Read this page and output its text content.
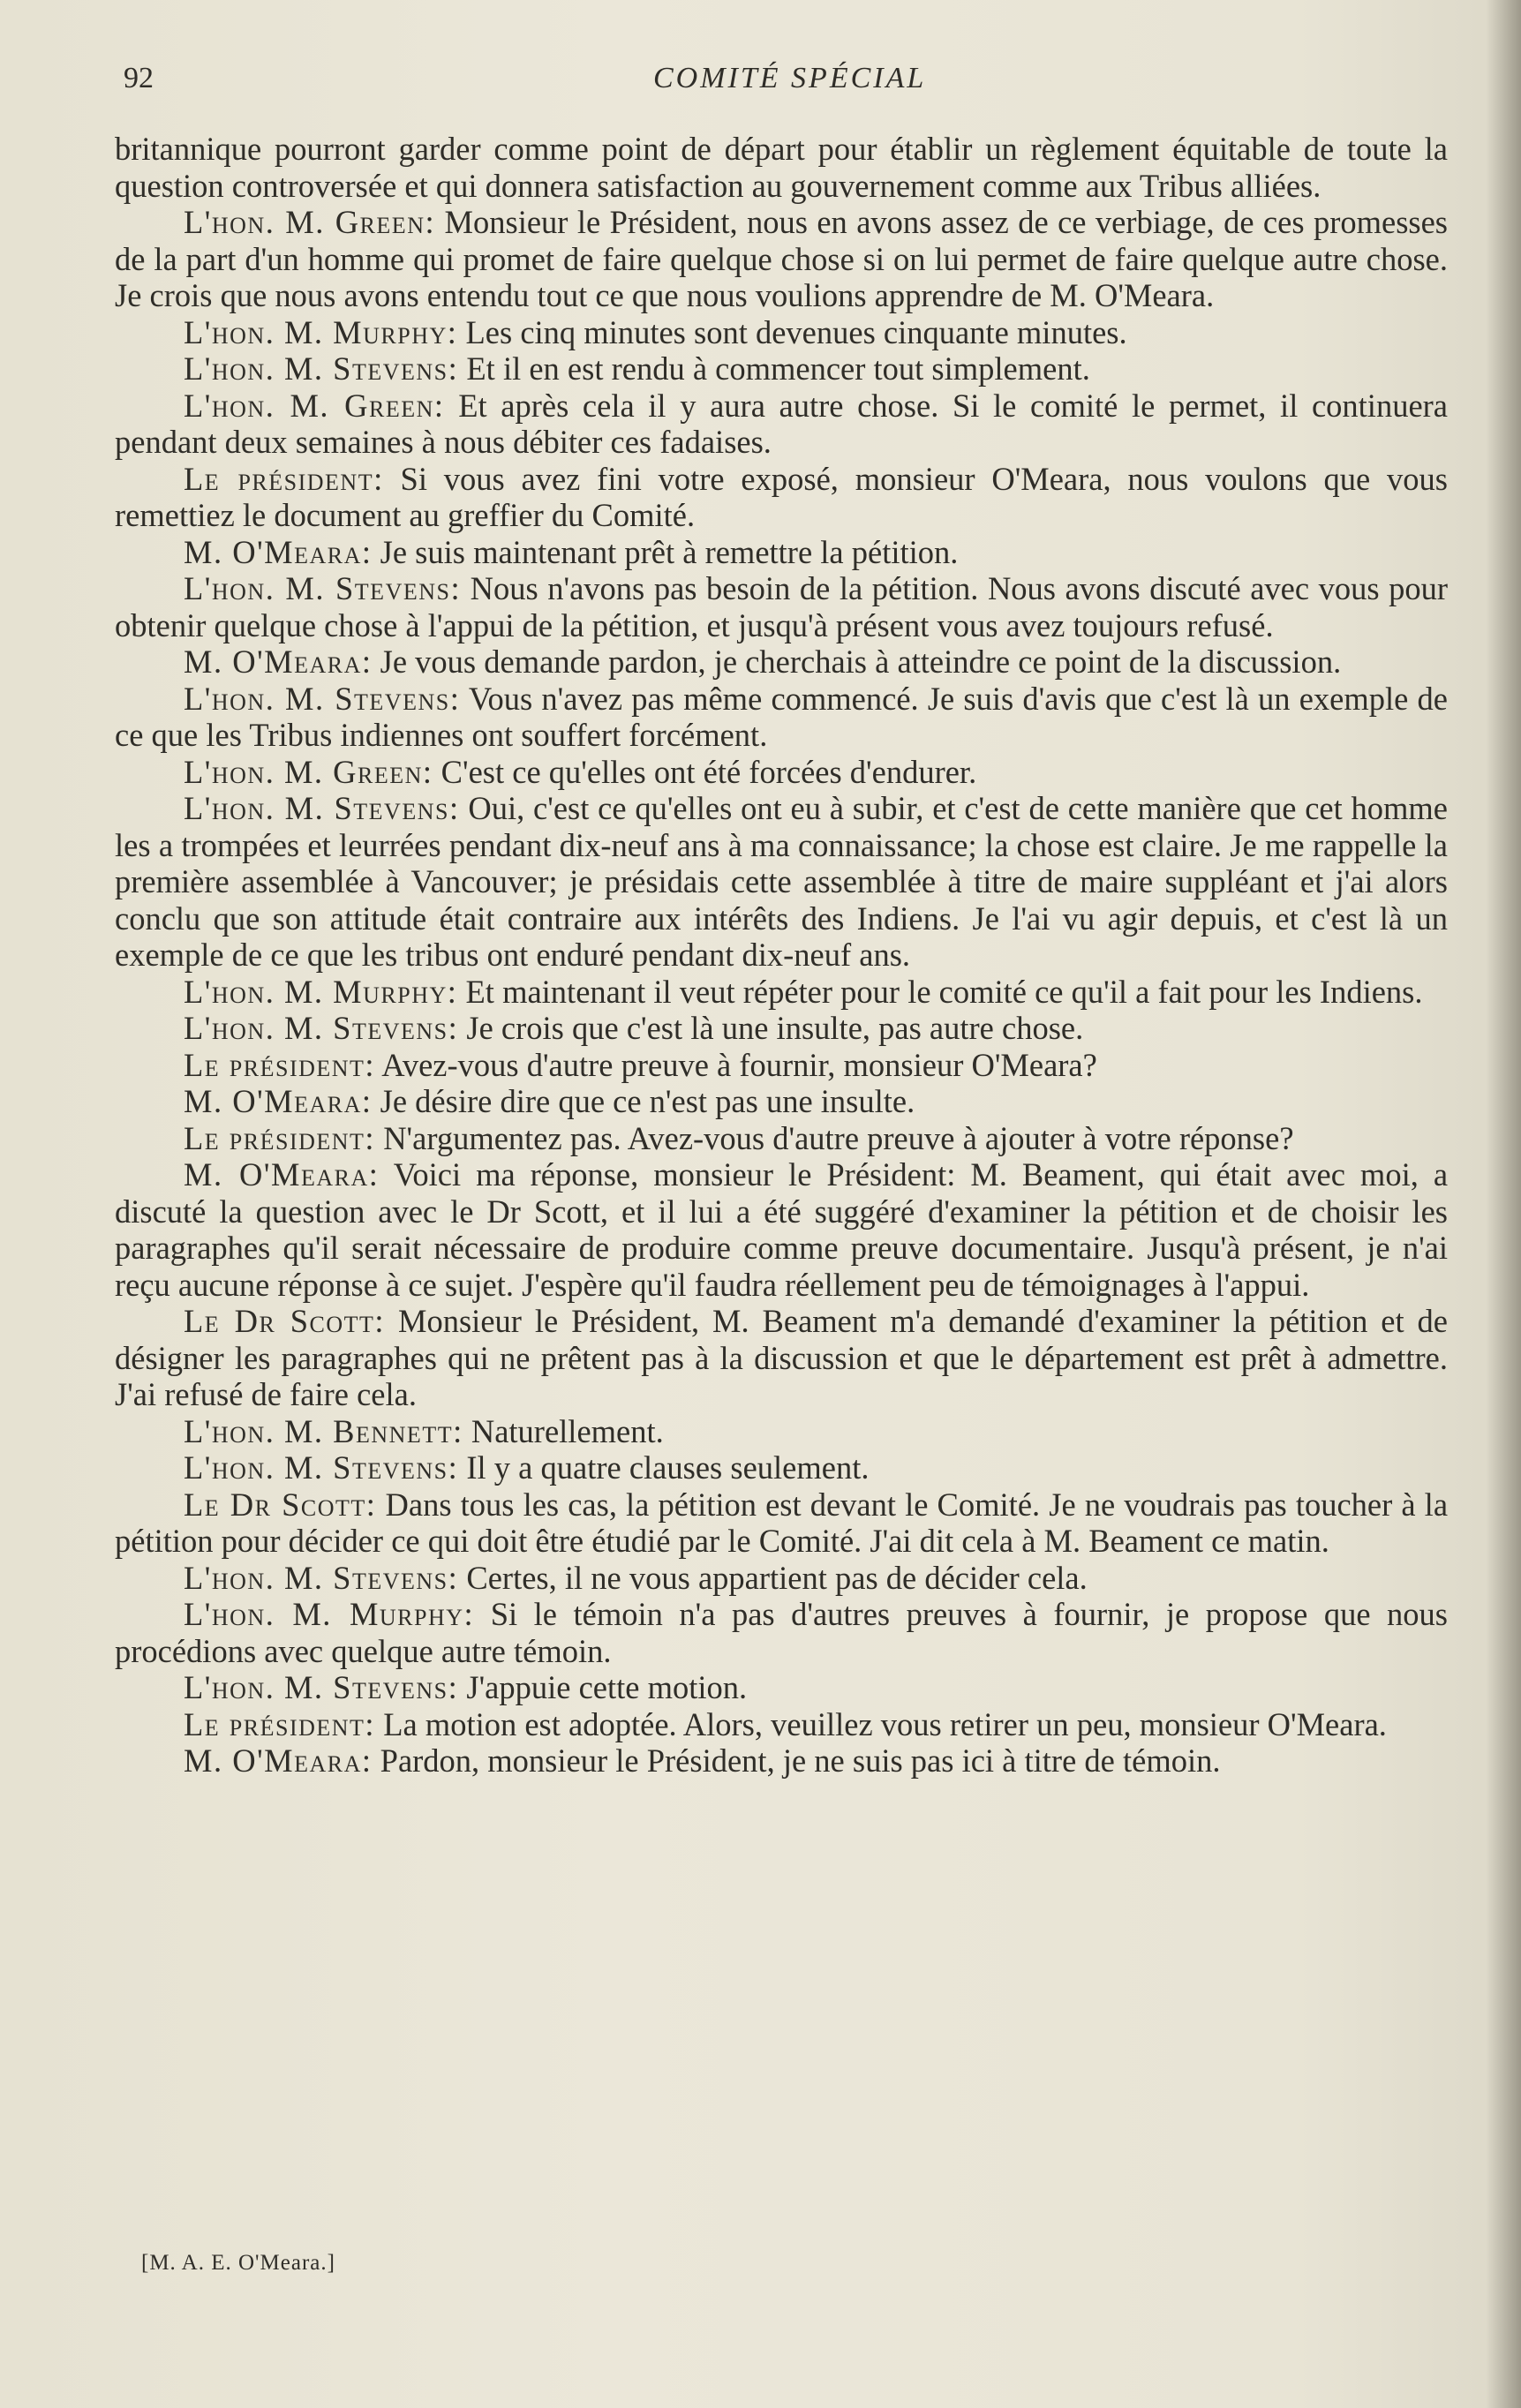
92	COMITÉ SPÉCIAL

britannique pourront garder comme point de départ pour établir un règlement équitable de toute la question controversée et qui donnera satisfaction au gouvernement comme aux Tribus alliées.

L'hon. M. Green: Monsieur le Président, nous en avons assez de ce verbiage, de ces promesses de la part d'un homme qui promet de faire quelque chose si on lui permet de faire quelque autre chose. Je crois que nous avons entendu tout ce que nous voulions apprendre de M. O'Meara.

L'hon. M. Murphy: Les cinq minutes sont devenues cinquante minutes.

L'hon. M. Stevens: Et il en est rendu à commencer tout simplement.

L'hon. M. Green: Et après cela il y aura autre chose. Si le comité le permet, il continuera pendant deux semaines à nous débiter ces fadaises.

Le président: Si vous avez fini votre exposé, monsieur O'Meara, nous voulons que vous remettiez le document au greffier du Comité.

M. O'Meara: Je suis maintenant prêt à remettre la pétition.

L'hon. M. Stevens: Nous n'avons pas besoin de la pétition. Nous avons discuté avec vous pour obtenir quelque chose à l'appui de la pétition, et jusqu'à présent vous avez toujours refusé.

M. O'Meara: Je vous demande pardon, je cherchais à atteindre ce point de la discussion.

L'hon. M. Stevens: Vous n'avez pas même commencé. Je suis d'avis que c'est là un exemple de ce que les Tribus indiennes ont souffert forcément.

L'hon. M. Green: C'est ce qu'elles ont été forcées d'endurer.

L'hon. M. Stevens: Oui, c'est ce qu'elles ont eu à subir, et c'est de cette manière que cet homme les a trompées et leurrées pendant dix-neuf ans à ma connaissance; la chose est claire. Je me rappelle la première assemblée à Vancouver; je présidais cette assemblée à titre de maire suppléant et j'ai alors conclu que son attitude était contraire aux intérêts des Indiens. Je l'ai vu agir depuis, et c'est là un exemple de ce que les tribus ont enduré pendant dix-neuf ans.

L'hon. M. Murphy: Et maintenant il veut répéter pour le comité ce qu'il a fait pour les Indiens.

L'hon. M. Stevens: Je crois que c'est là une insulte, pas autre chose.

Le président: Avez-vous d'autre preuve à fournir, monsieur O'Meara?

M. O'Meara: Je désire dire que ce n'est pas une insulte.

Le président: N'argumentez pas. Avez-vous d'autre preuve à ajouter à votre réponse?

M. O'Meara: Voici ma réponse, monsieur le Président: M. Beament, qui était avec moi, a discuté la question avec le Dr Scott, et il lui a été suggéré d'examiner la pétition et de choisir les paragraphes qu'il serait nécessaire de produire comme preuve documentaire. Jusqu'à présent, je n'ai reçu aucune réponse à ce sujet. J'espère qu'il faudra réellement peu de témoignages à l'appui.

Le Dr Scott: Monsieur le Président, M. Beament m'a demandé d'examiner la pétition et de désigner les paragraphes qui ne prêtent pas à la discussion et que le département est prêt à admettre. J'ai refusé de faire cela.

L'hon. M. Bennett: Naturellement.

L'hon. M. Stevens: Il y a quatre clauses seulement.

Le Dr Scott: Dans tous les cas, la pétition est devant le Comité. Je ne voudrais pas toucher à la pétition pour décider ce qui doit être étudié par le Comité. J'ai dit cela à M. Beament ce matin.

L'hon. M. Stevens: Certes, il ne vous appartient pas de décider cela.

L'hon. M. Murphy: Si le témoin n'a pas d'autres preuves à fournir, je propose que nous procédions avec quelque autre témoin.

L'hon. M. Stevens: J'appuie cette motion.

Le président: La motion est adoptée. Alors, veuillez vous retirer un peu, monsieur O'Meara.

M. O'Meara: Pardon, monsieur le Président, je ne suis pas ici à titre de témoin.

[M. A. E. O'Meara.]
